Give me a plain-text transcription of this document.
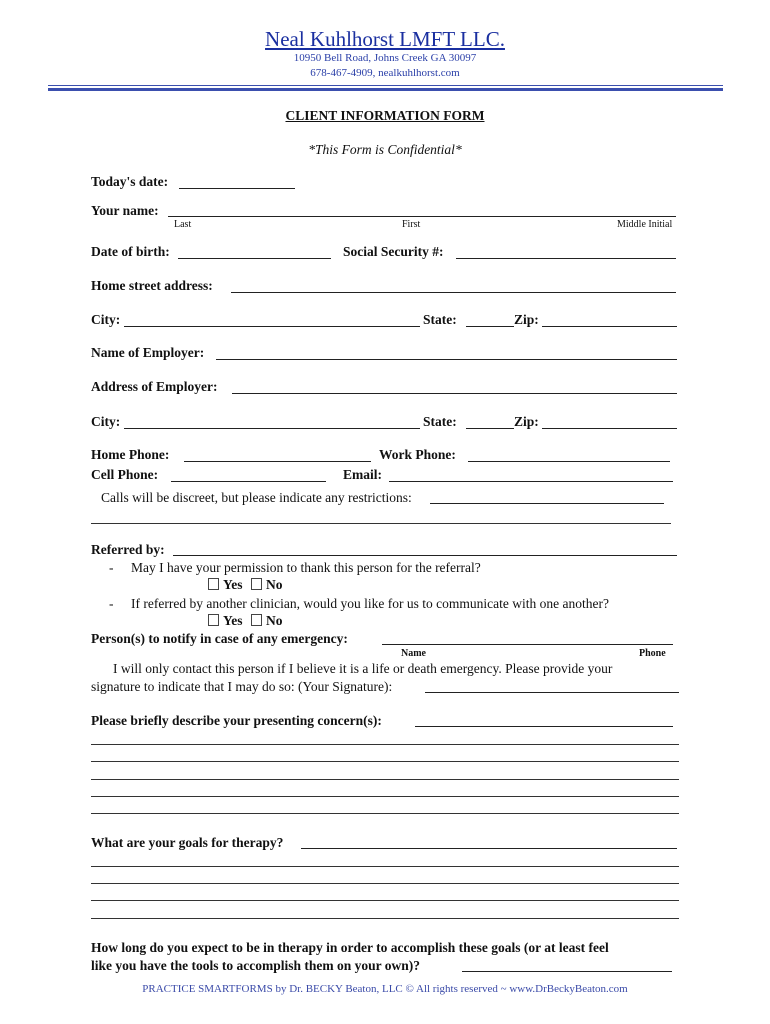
Neal Kuhlhorst LMFT LLC.
10950 Bell Road, Johns Creek GA 30097
678-467-4909, nealkuhlhorst.com
CLIENT INFORMATION FORM
*This Form is Confidential*
Today's date:
Your name:
Last	First	Middle Initial
Date of birth:	Social Security #:
Home street address:
City:	State:	Zip:
Name of Employer:
Address of Employer:
City:	State:	Zip:
Home Phone:	Work Phone:
Cell Phone:	Email:
Calls will be discreet, but please indicate any restrictions:
Referred by:
- May I have your permission to thank this person for the referral?
Yes	No
- If referred by another clinician, would you like for us to communicate with one another?
Yes	No
Person(s) to notify in case of any emergency:
Name	Phone
I will only contact this person if I believe it is a life or death emergency. Please provide your
signature to indicate that I may do so: (Your Signature):
Please briefly describe your presenting concern(s):
What are your goals for therapy?
How long do you expect to be in therapy in order to accomplish these goals (or at least feel
like you have the tools to accomplish them on your own)?
PRACTICE SMARTFORMS by Dr. BECKY Beaton, LLC © All rights reserved ~ www.DrBeckyBeaton.com
